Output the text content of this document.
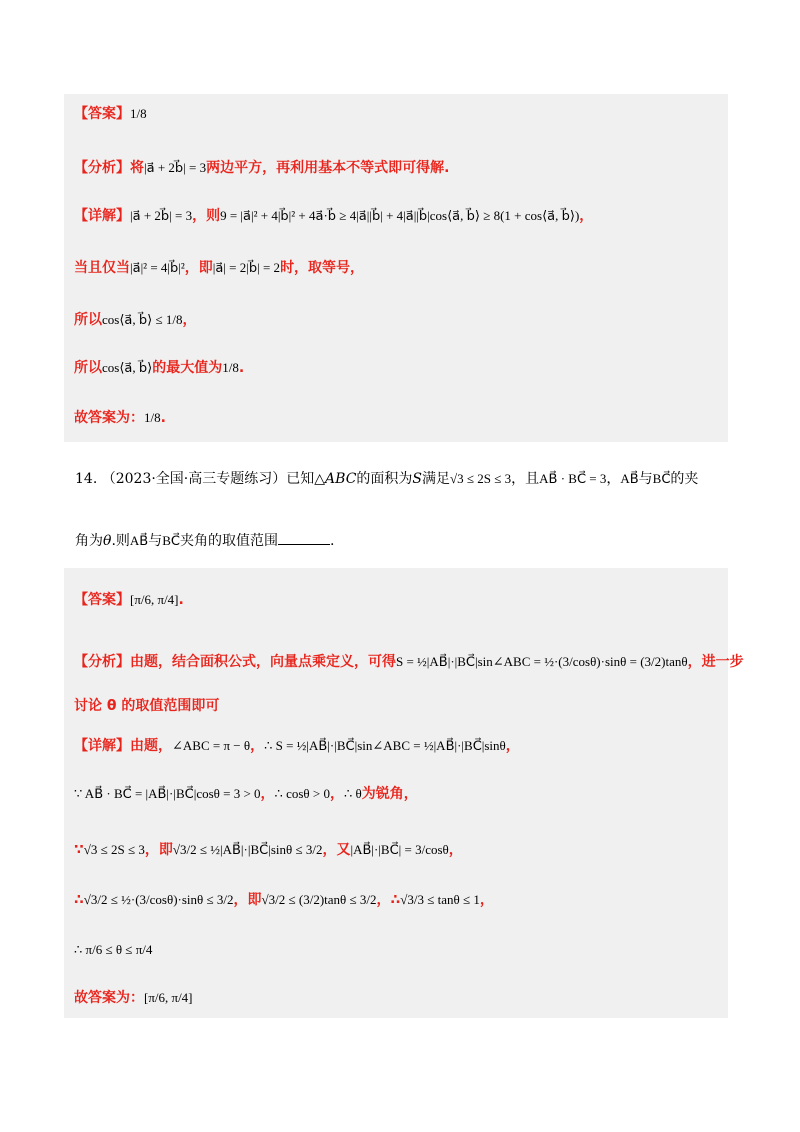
【答案】1/8
【分析】将|a⃗ + 2b⃗| = 3两边平方，再利用基本不等式即可得解.
【详解】|a⃗ + 2b⃗| = 3，则9 = |a⃗|² + 4|b⃗|² + 4a⃗·b⃗ ≥ 4|a⃗||b⃗| + 4|a⃗||b⃗|cos⟨a⃗, b⃗⟩ ≥ 8(1 + cos⟨a⃗, b⃗⟩)，
当且仅当|a⃗|² = 4|b⃗|²，即|a⃗| = 2|b⃗| = 2时，取等号，
所以cos⟨a⃗, b⃗⟩ ≤ 1/8，
所以cos⟨a⃗, b⃗⟩的最大值为1/8.
故答案为：1/8.
14. （2023·全国·高三专题练习）已知△ABC的面积为S满足√3 ≤ 2S ≤ 3，且AB⃗ · BC⃗ = 3，AB⃗与BC⃗的夹
角为θ.则AB⃗与BC⃗夹角的取值范围	.
【答案】[π/6, π/4].
【分析】由题，结合面积公式，向量点乘定义，可得S = ½|AB⃗|·|BC⃗|sin∠ABC = ½·(3/cosθ)·sinθ = (3/2)tanθ，进一步
讨论 θ 的取值范围即可
【详解】由题，∠ABC = π − θ，∴ S = ½|AB⃗|·|BC⃗|sin∠ABC = ½|AB⃗|·|BC⃗|sinθ，
∵ AB⃗ · BC⃗ = |AB⃗|·|BC⃗|cosθ = 3 > 0，∴ cosθ > 0，∴ θ为锐角，
∵√3 ≤ 2S ≤ 3，即√3/2 ≤ ½|AB⃗|·|BC⃗|sinθ ≤ 3/2，又|AB⃗|·|BC⃗| = 3/cosθ，
∴√3/2 ≤ ½·(3/cosθ)·sinθ ≤ 3/2，即√3/2 ≤ (3/2)tanθ ≤ 3/2，∴√3/3 ≤ tanθ ≤ 1，
∴ π/6 ≤ θ ≤ π/4
故答案为：[π/6, π/4]
